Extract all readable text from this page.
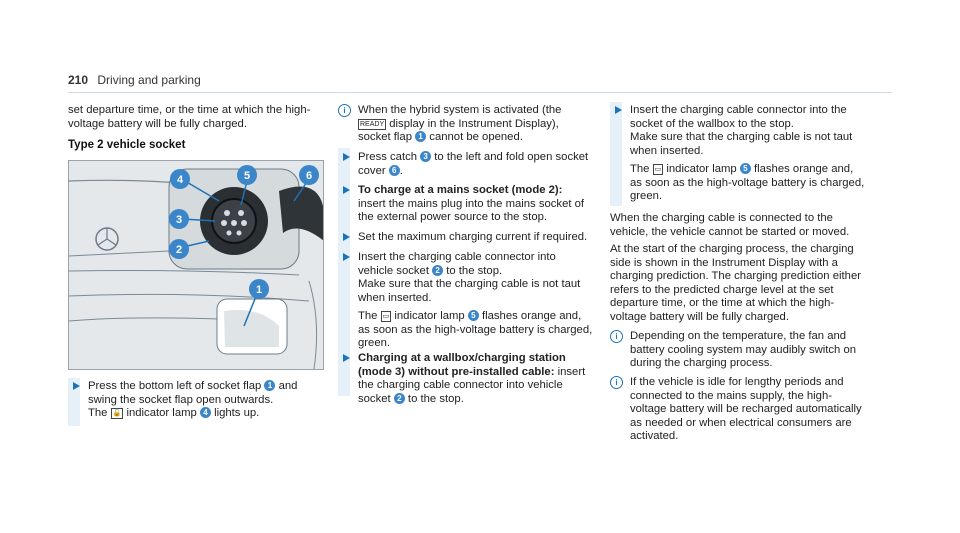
210 Driving and parking

set departure time, or the time at which the high-voltage battery will be fully charged.

Type 2 vehicle socket
1
2
3
4	5	6
Press the bottom left of socket flap 1 and swing the socket flap open outwards.
The 🔓 indicator lamp 4 lights up.
i	When the hybrid system is activated (the READY display in the Instrument Display), socket flap 1 cannot be opened.
Press catch 3 to the left and fold open socket cover 6 .
To charge at a mains socket (mode 2): insert the mains plug into the mains socket of the external power source to the stop.
Set the maximum charging current if required.
Insert the charging cable connector into vehicle socket 2 to the stop.
Make sure that the charging cable is not taut when inserted.

The ▭ indicator lamp 5 flashes orange and, as soon as the high-voltage battery is charged, green.
Charging at a wallbox/charging station (mode 3) without pre-installed cable: insert the charging cable connector into vehicle socket 2 to the stop.
Insert the charging cable connector into the socket of the wallbox to the stop.
Make sure that the charging cable is not taut when inserted.

The ▭ indicator lamp 5 flashes orange and, as soon as the high-voltage battery is charged, green.

When the charging cable is connected to the vehicle, the vehicle cannot be started or moved.

At the start of the charging process, the charging side is shown in the Instrument Display with a charging prediction. The charging prediction either refers to the predicted charge level at the set departure time, or the time at which the high-voltage battery will be fully charged.

i	Depending on the temperature, the fan and battery cooling system may audibly switch on during the charging process.
i	If the vehicle is idle for lengthy periods and connected to the mains supply, the high-voltage battery will be recharged automatically as needed or when electrical consumers are activated.
